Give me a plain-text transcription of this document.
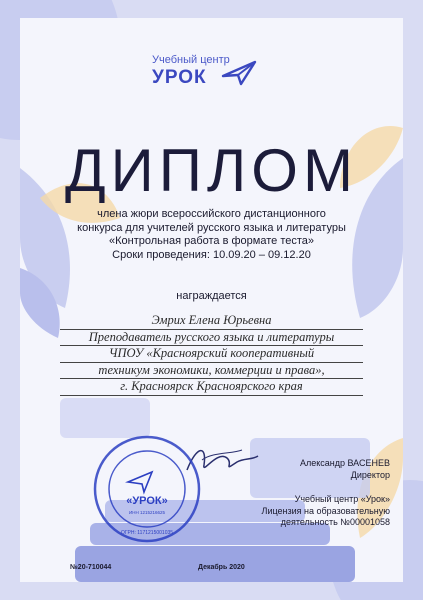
Учебный центр
УРОК
ДИПЛОМ
члена жюри всероссийского дистанционного
конкурса для учителей русского языка и литературы
«Контрольная работа в формате теста»
Сроки проведения: 10.09.20 – 09.12.20
награждается
Эмрих Елена Юрьевна
Преподаватель русского языка и литературы
ЧПОУ «Красноярский кооперативный
техникум экономики, коммерции и права»,
г. Красноярск Красноярского края
Александр ВАСЕНЕВ
Директор
Учебный центр «Урок»
Лицензия на образовательную
деятельность №00001058
«УРОК»
ИНН 1215216625
ОГРН: 1171215001035
№20-710044	Декабрь 2020
